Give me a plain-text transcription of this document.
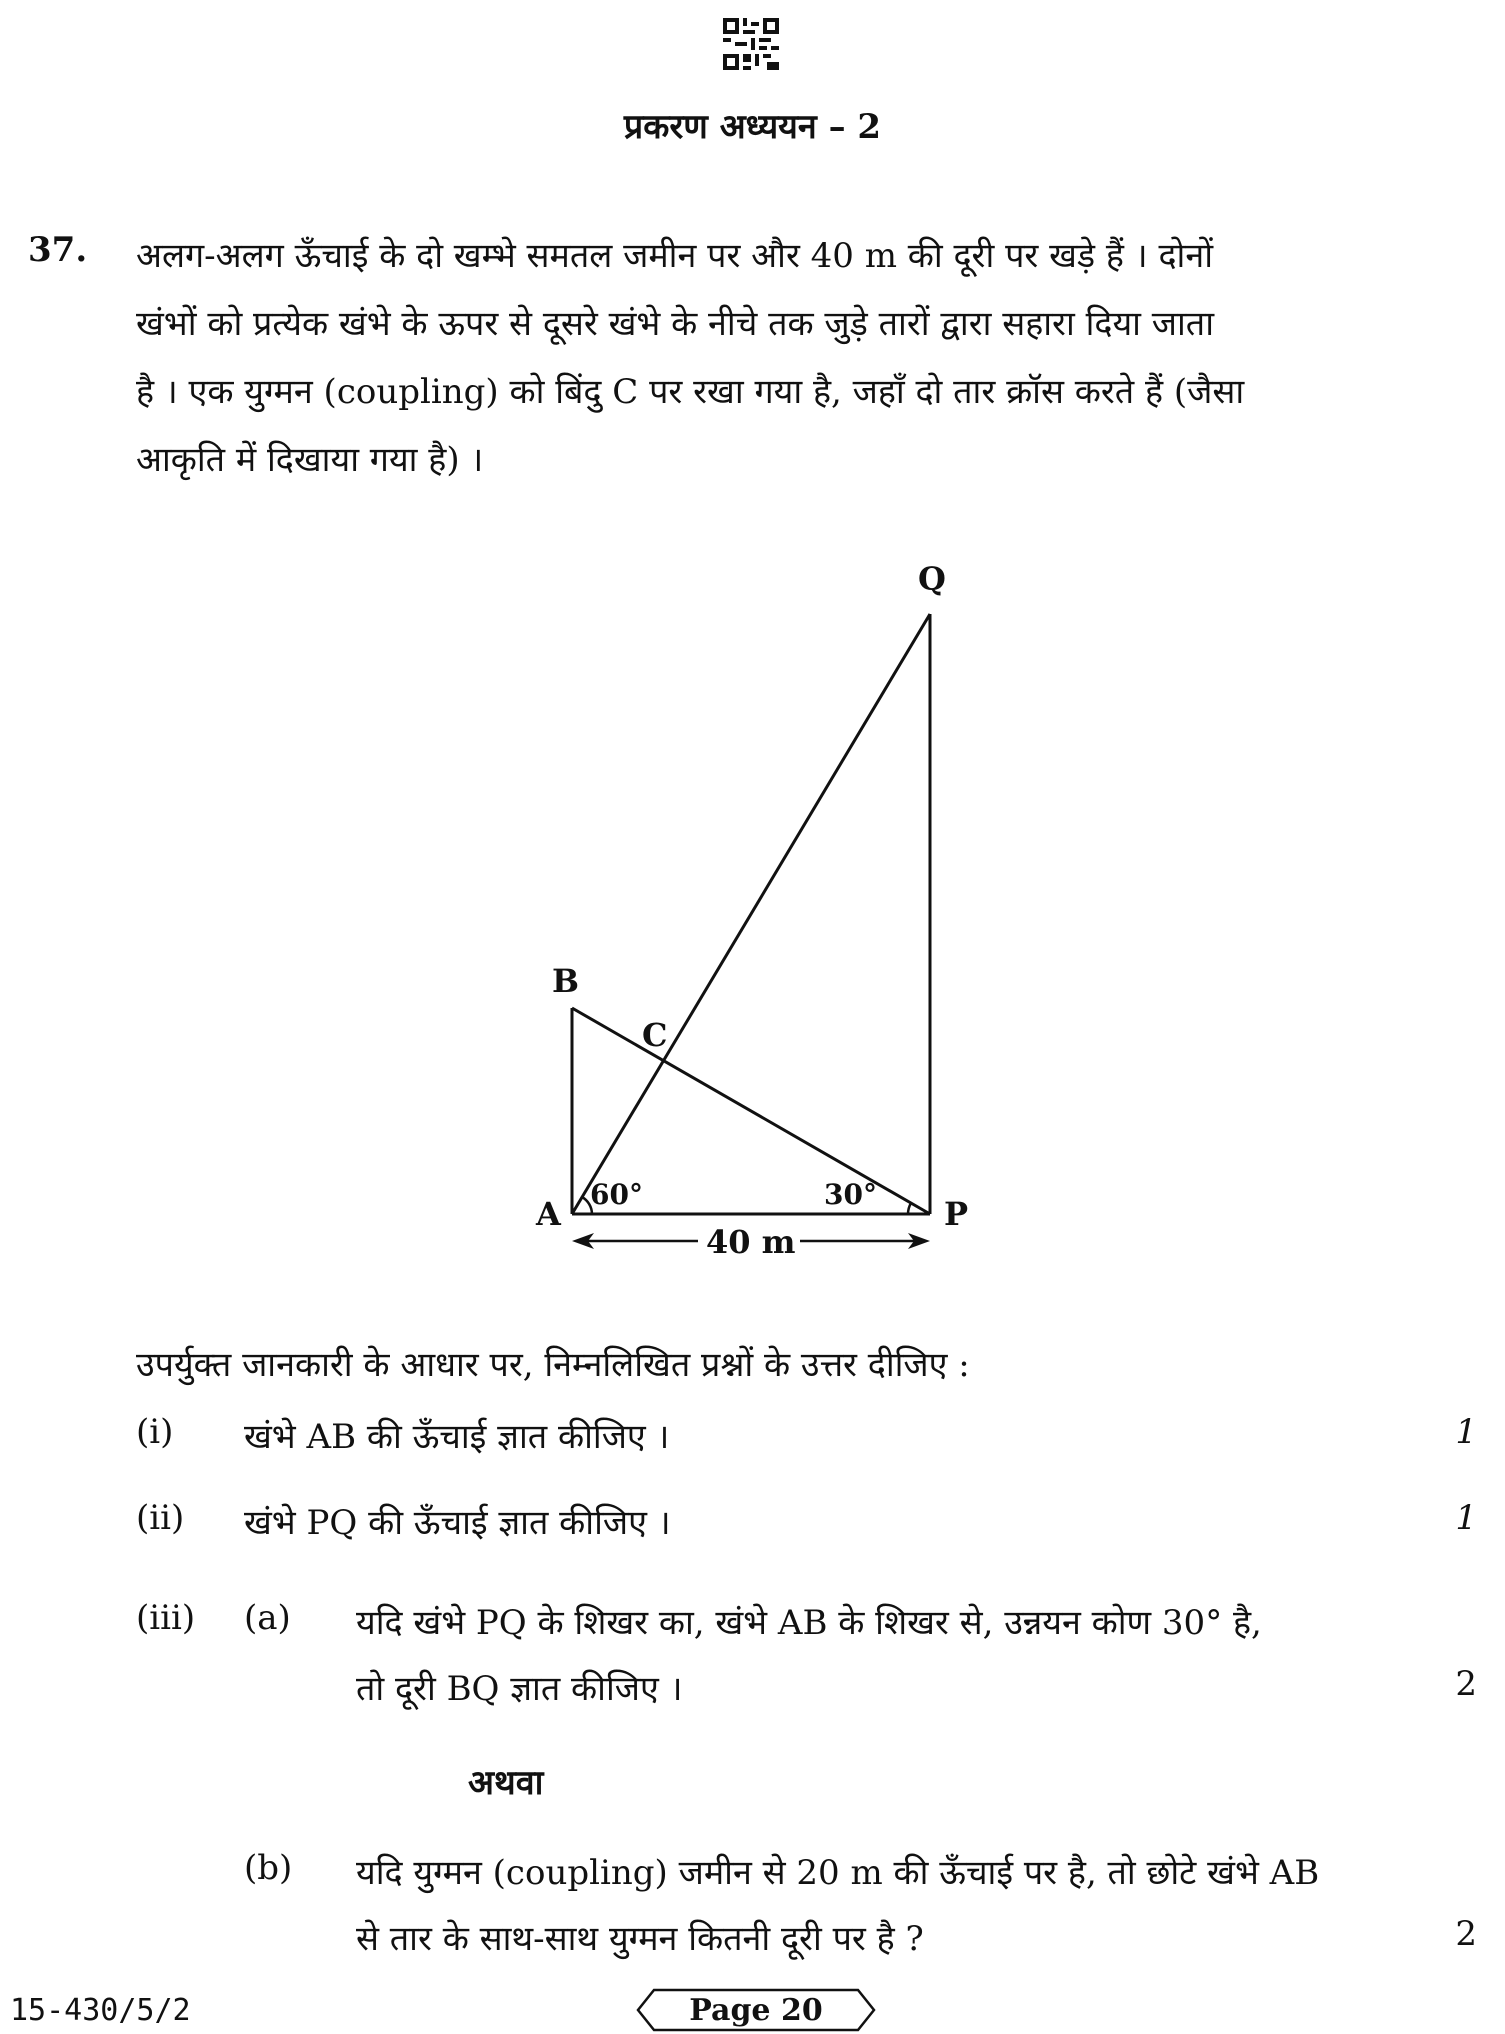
प्रकरण अध्ययन – 2
37. अलग-अलग ऊँचाई के दो खम्भे समतल जमीन पर और 40 m की दूरी पर खड़े हैं । दोनों
खंभों को प्रत्येक खंभे के ऊपर से दूसरे खंभे के नीचे तक जुड़े तारों द्वारा सहारा दिया जाता
है । एक युग्मन (coupling) को बिंदु C पर रखा गया है, जहाँ दो तार क्रॉस करते हैं (जैसा
आकृति में दिखाया गया है) ।
Q
B
C
A	P
60°	30°
40 m
उपर्युक्त जानकारी के आधार पर, निम्नलिखित प्रश्नों के उत्तर दीजिए :
(i) खंभे AB की ऊँचाई ज्ञात कीजिए ।	1
(ii) खंभे PQ की ऊँचाई ज्ञात कीजिए ।	1
(iii) (a) यदि खंभे PQ के शिखर का, खंभे AB के शिखर से, उन्नयन कोण 30° है,
तो दूरी BQ ज्ञात कीजिए ।	2
अथवा
(b) यदि युग्मन (coupling) जमीन से 20 m की ऊँचाई पर है, तो छोटे खंभे AB
से तार के साथ-साथ युग्मन कितनी दूरी पर है ?	2
15-430/5/2	Page 20
